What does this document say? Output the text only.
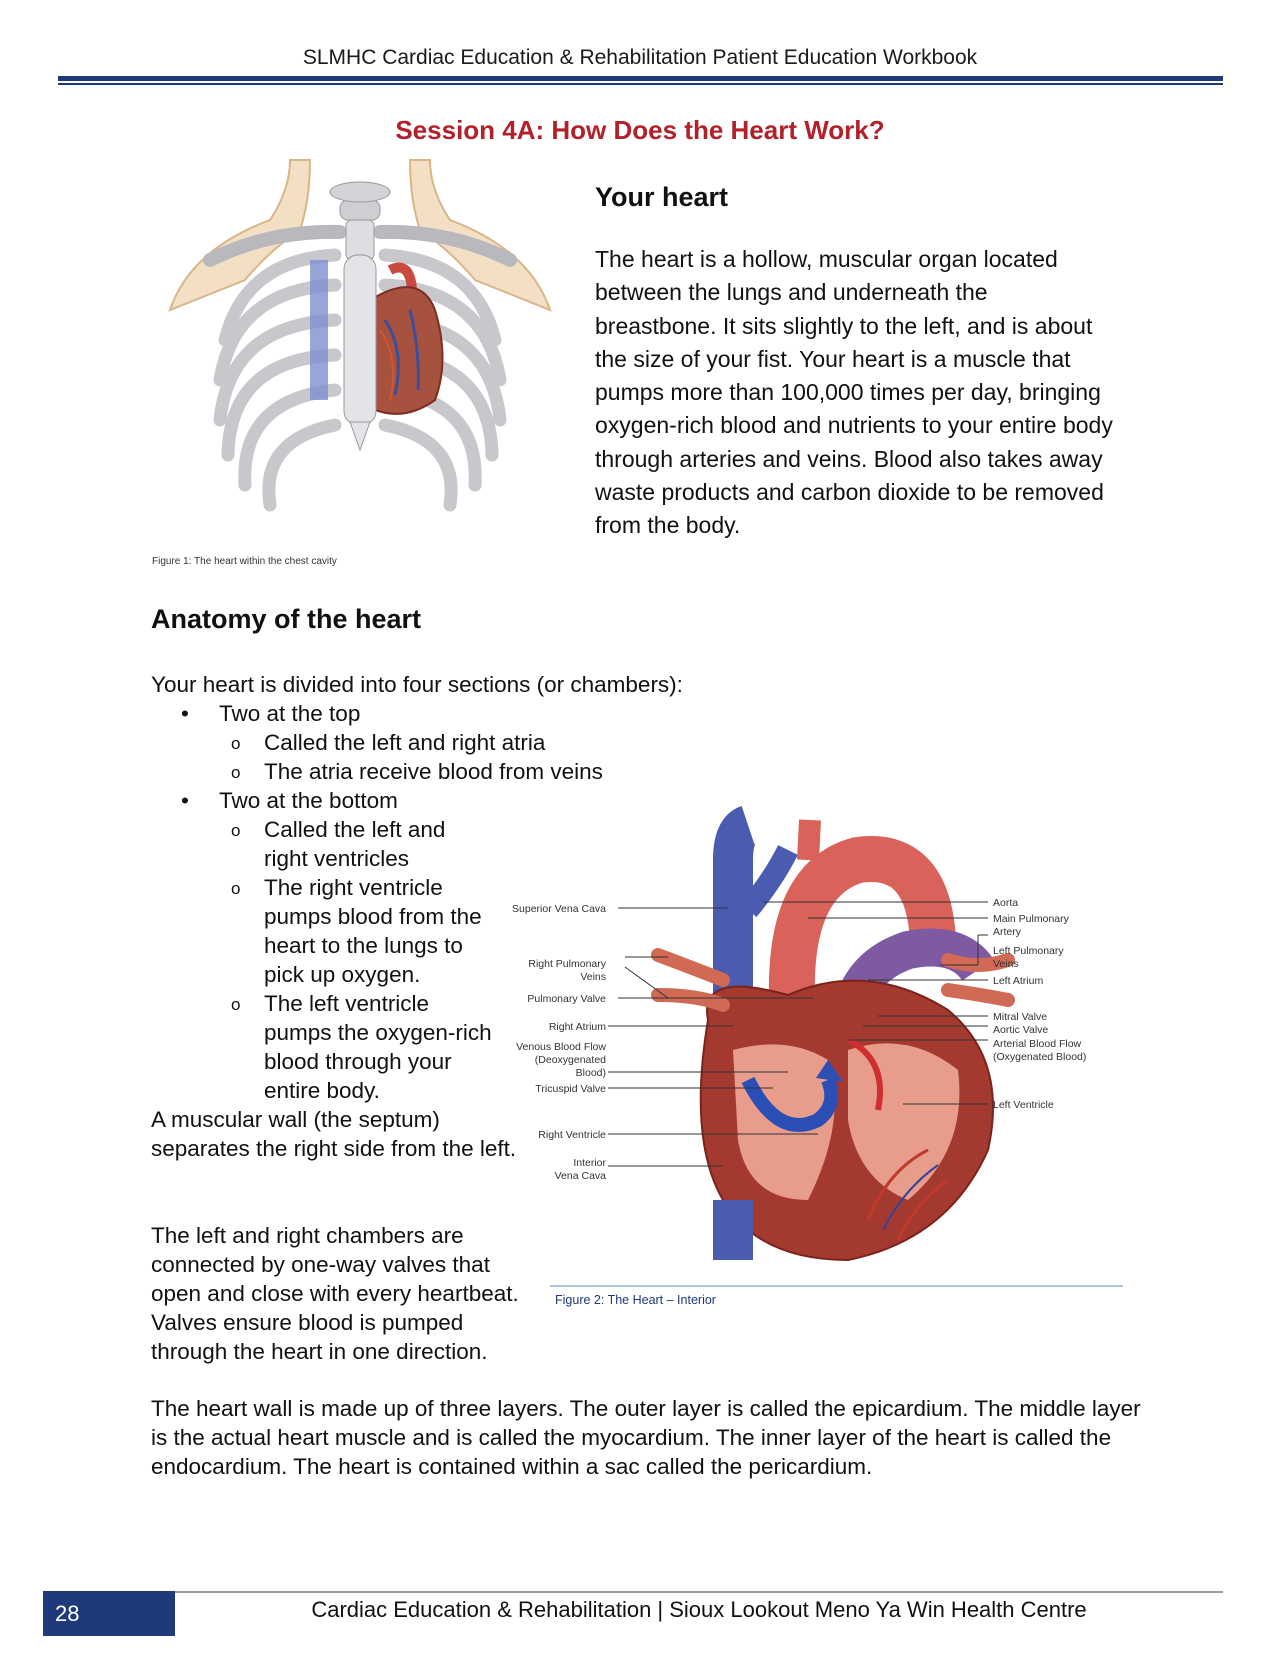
SLMHC Cardiac Education & Rehabilitation Patient Education Workbook
Session 4A: How Does the Heart Work?
Figure 1: The heart within the chest cavity
Your heart
The heart is a hollow, muscular organ located between the lungs and underneath the breastbone. It sits slightly to the left, and is about the size of your fist. Your heart is a muscle that pumps more than 100,000 times per day, bringing oxygen-rich blood and nutrients to your entire body through arteries and veins. Blood also takes away waste products and carbon dioxide to be removed from the body.
Anatomy of the heart
Your heart is divided into four sections (or chambers):
• Two at the top
o Called the left and right atria
o The atria receive blood from veins
• Two at the bottom
o Called the left and right ventricles
o The right ventricle pumps blood from the heart to the lungs to pick up oxygen.
o The left ventricle pumps the oxygen-rich blood through your entire body.
A muscular wall (the septum) separates the right side from the left.
The left and right chambers are connected by one-way valves that open and close with every heartbeat. Valves ensure blood is pumped through the heart in one direction.
The heart wall is made up of three layers. The outer layer is called the epicardium. The middle layer is the actual heart muscle and is called the myocardium. The inner layer of the heart is called the endocardium. The heart is contained within a sac called the pericardium.
Superior Vena Cava
Right Pulmonary
Veins
Pulmonary Valve
Right Atrium
Venous Blood Flow
(Deoxygenated
Blood)
Tricuspid Valve
Right Ventricle
Interior
Vena Cava
Aorta
Main Pulmonary
Artery
Left Pulmonary
Veins
Left Atrium
Mitral Valve
Aortic Valve
Arterial Blood Flow
(Oxygenated Blood)
Left Ventricle
Figure 2: The Heart – Interior
28	Cardiac Education & Rehabilitation | Sioux Lookout Meno Ya Win Health Centre
